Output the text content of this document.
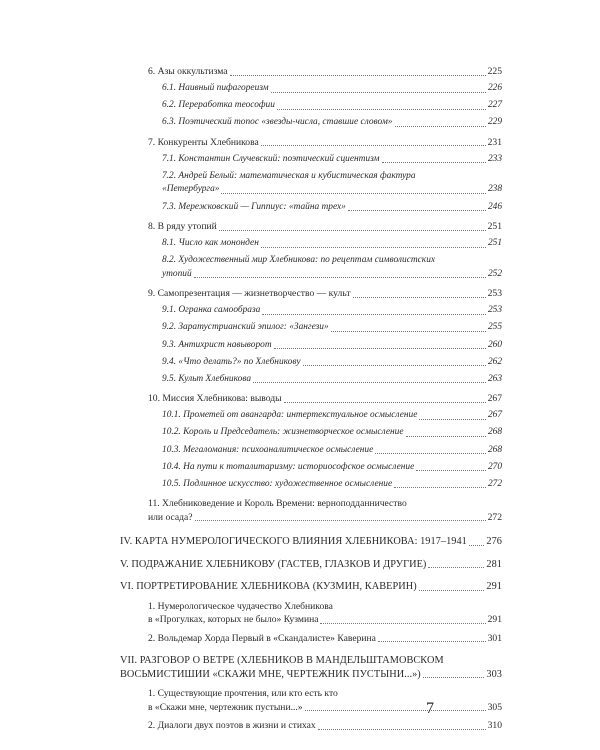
6. Азы оккультизма	225
6.1. Наивный пифагореизм	226
6.2. Переработка теософии	227
6.3. Поэтический топос «звезды-числа, ставшие словом»	229
7. Конкуренты Хлебникова	231
7.1. Константин Случевский: поэтический сциентизм	233
7.2. Андрей Белый: математическая и кубистическая фактура
«Петербурга»	238
7.3. Мережковский — Гиппиус: «тайна трех»	246
8. В ряду утопий	251
8.1. Число как мононден	251
8.2. Художественный мир Хлебникова: по рецептам символистских
утопий	252
9. Самопрезентация — жизнетворчество — культ	253
9.1. Огранка самообраза	253
9.2. Заратустрианский эпилог: «Зангези»	255
9.3. Антихрист навыворот	260
9.4. «Что делать?» по Хлебникову	262
9.5. Культ Хлебникова	263
10. Миссия Хлебникова: выводы	267
10.1. Прометей от авангарда: интертекстуальное осмысление	267
10.2. Король и Председатель: жизнетворческое осмысление	268
10.3. Мегаломания: психоаналитическое осмысление	268
10.4. На пути к тоталитаризму: историософское осмысление	270
10.5. Подлинное искусство: художественное осмысление	272
11. Хлебниковедение и Король Времени: верноподданничество
или осада?	272
IV. КАРТА НУМЕРОЛОГИЧЕСКОГО ВЛИЯНИЯ ХЛЕБНИКОВА: 1917–1941 276
V. ПОДРАЖАНИЕ ХЛЕБНИКОВУ (ГАСТЕВ, ГЛАЗКОВ И ДРУГИЕ)	281
VI. ПОРТРЕТИРОВАНИЕ ХЛЕБНИКОВА (КУЗМИН, КАВЕРИН)	291
1. Нумерологическое чудачество Хлебникова
в «Прогулках, которых не было» Кузмина	291
2. Вольдемар Хорда Первый в «Скандалисте» Каверина	301
VII. РАЗГОВОР О ВЕТРЕ (ХЛЕБНИКОВ В МАНДЕЛЬШТАМОВСКОМ
ВОСЬМИСТИШИИ «СКАЖИ МНЕ, ЧЕРТЕЖНИК ПУСТЫНИ...»)	303
1. Существующие прочтения, или кто есть кто
в «Скажи мне, чертежник пустыни...»	305
2. Диалоги двух поэтов в жизни и стихах	310
7
